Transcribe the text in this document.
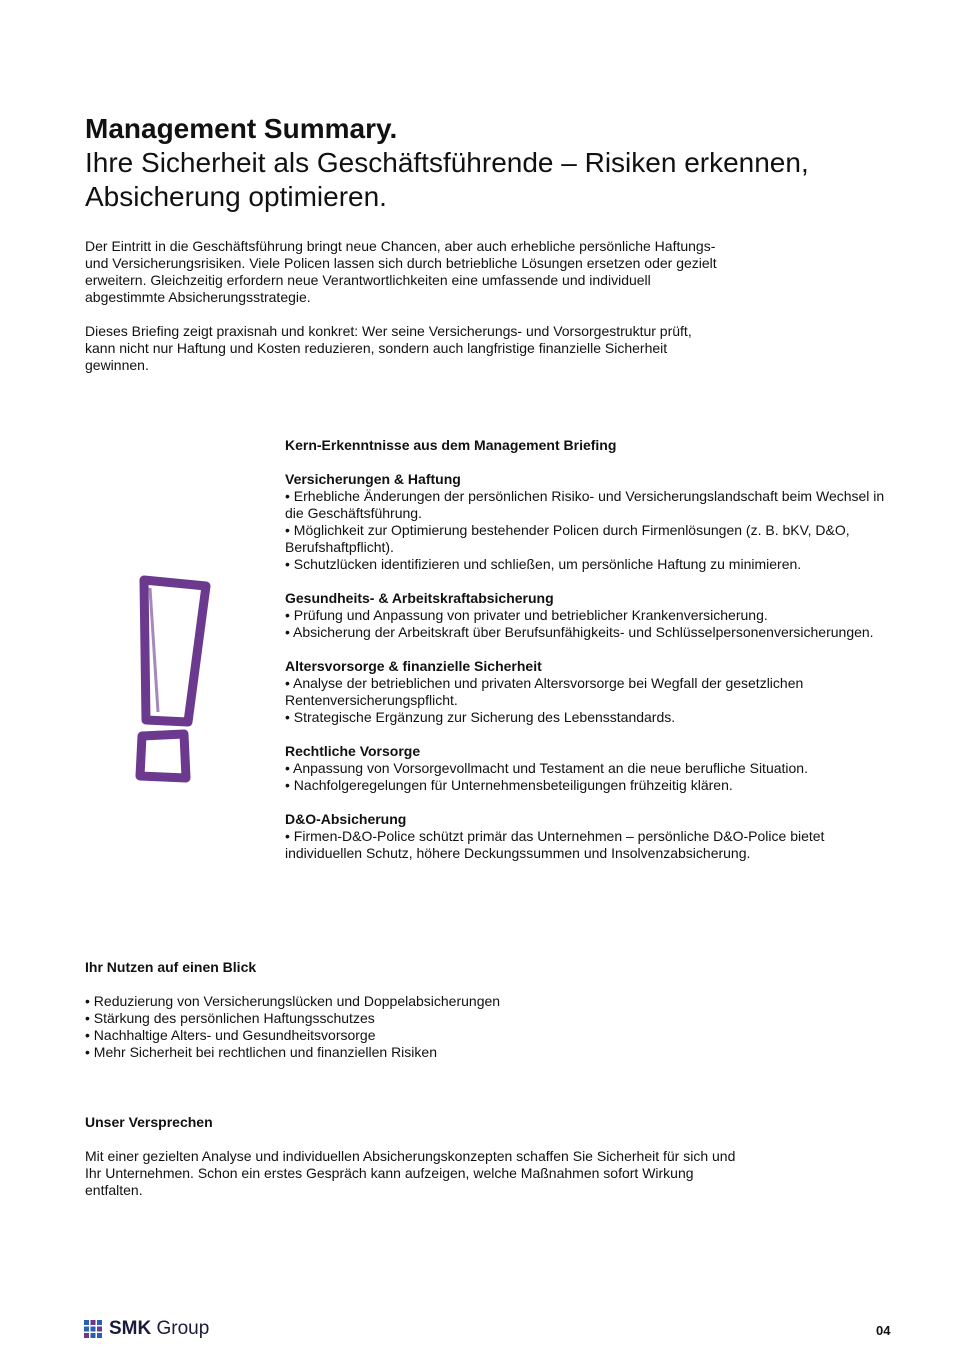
Management Summary.
Ihre Sicherheit als Geschäftsführende – Risiken erkennen, Absicherung optimieren.

Der Eintritt in die Geschäftsführung bringt neue Chancen, aber auch erhebliche persönliche Haftungs- und Versicherungsrisiken. Viele Policen lassen sich durch betriebliche Lösungen ersetzen oder gezielt erweitern. Gleichzeitig erfordern neue Verantwortlichkeiten eine umfassende und individuell abgestimmte Absicherungsstrategie.

Dieses Briefing zeigt praxisnah und konkret: Wer seine Versicherungs- und Vorsorgestruktur prüft, kann nicht nur Haftung und Kosten reduzieren, sondern auch langfristige finanzielle Sicherheit gewinnen.

Kern-Erkenntnisse aus dem Management Briefing
Versicherungen & Haftung

• Erhebliche Änderungen der persönlichen Risiko- und Versicherungslandschaft beim Wechsel in die Geschäftsführung.

• Möglichkeit zur Optimierung bestehender Policen durch Firmenlösungen (z. B. bKV, D&O, Berufshaftpflicht).

• Schutzlücken identifizieren und schließen, um persönliche Haftung zu minimieren.

Gesundheits- & Arbeitskraftabsicherung

• Prüfung und Anpassung von privater und betrieblicher Krankenversicherung.

• Absicherung der Arbeitskraft über Berufsunfähigkeits- und Schlüsselpersonenversicherungen.

Altersvorsorge & finanzielle Sicherheit

• Analyse der betrieblichen und privaten Altersvorsorge bei Wegfall der gesetzlichen Rentenversicherungspflicht.

• Strategische Ergänzung zur Sicherung des Lebensstandards.

Rechtliche Vorsorge

• Anpassung von Vorsorgevollmacht und Testament an die neue berufliche Situation.

• Nachfolgeregelungen für Unternehmensbeteiligungen frühzeitig klären.

D&O-Absicherung

• Firmen-D&O-Police schützt primär das Unternehmen – persönliche D&O-Police bietet individuellen Schutz, höhere Deckungssummen und Insolvenzabsicherung.

Ihr Nutzen auf einen Blick

• Reduzierung von Versicherungslücken und Doppelabsicherungen

• Stärkung des persönlichen Haftungsschutzes

• Nachhaltige Alters- und Gesundheitsvorsorge

• Mehr Sicherheit bei rechtlichen und finanziellen Risiken

Unser Versprechen

Mit einer gezielten Analyse und individuellen Absicherungskonzepten schaffen Sie Sicherheit für sich und Ihr Unternehmen. Schon ein erstes Gespräch kann aufzeigen, welche Maßnahmen sofort Wirkung entfalten.

SMK Group	04
